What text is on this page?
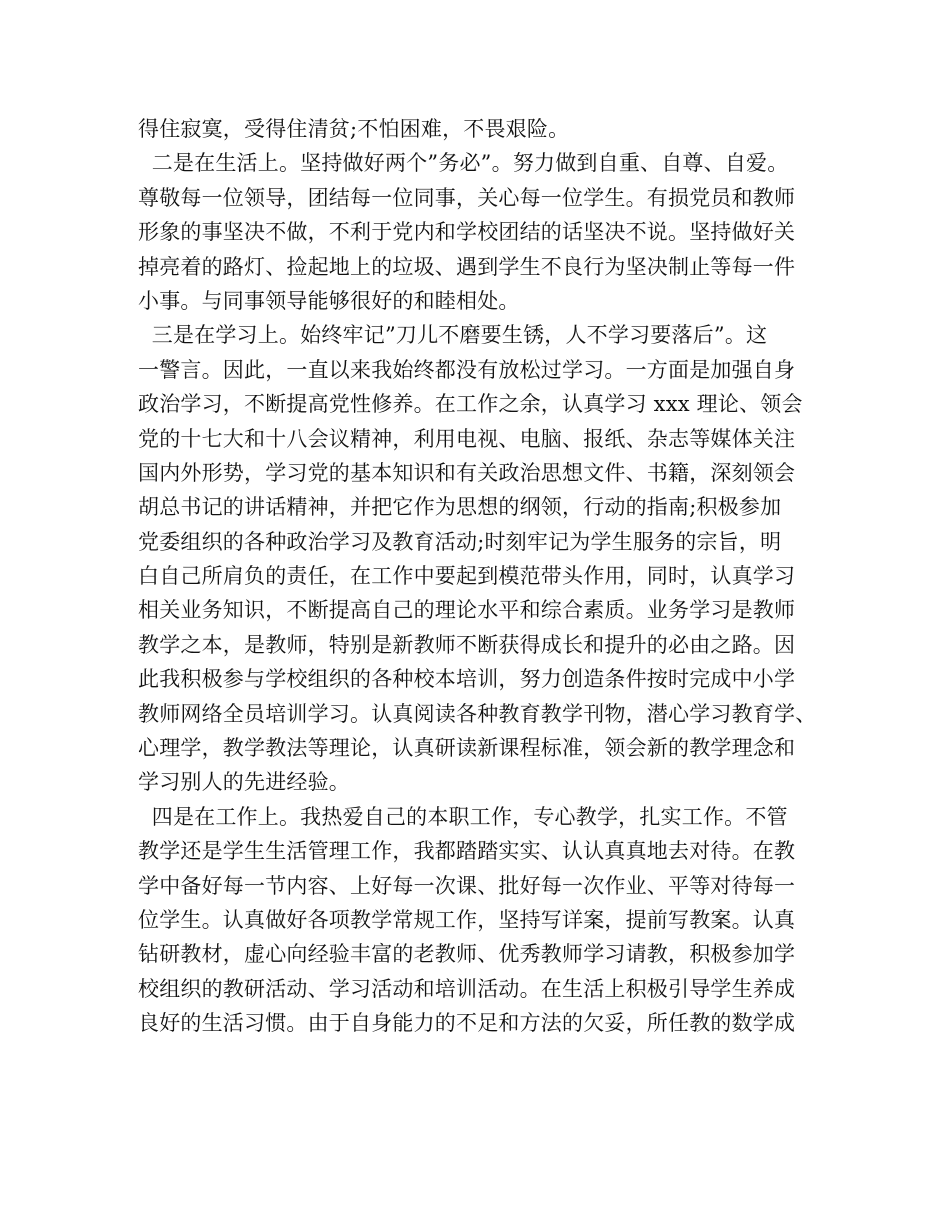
得住寂寞，受得住清贫;不怕困难，不畏艰险。
二是在生活上。坚持做好两个”务必”。努力做到自重、自尊、自爱。
尊敬每一位领导，团结每一位同事，关心每一位学生。有损党员和教师
形象的事坚决不做，不利于党内和学校团结的话坚决不说。坚持做好关
掉亮着的路灯、捡起地上的垃圾、遇到学生不良行为坚决制止等每一件
小事。与同事领导能够很好的和睦相处。
三是在学习上。始终牢记”刀儿不磨要生锈，人不学习要落后”。这
一警言。因此，一直以来我始终都没有放松过学习。一方面是加强自身
政治学习，不断提高党性修养。在工作之余，认真学习 xxx 理论、领会
党的十七大和十八会议精神，利用电视、电脑、报纸、杂志等媒体关注
国内外形势，学习党的基本知识和有关政治思想文件、书籍，深刻领会
胡总书记的讲话精神，并把它作为思想的纲领，行动的指南;积极参加
党委组织的各种政治学习及教育活动;时刻牢记为学生服务的宗旨，明
白自己所肩负的责任，在工作中要起到模范带头作用，同时，认真学习
相关业务知识，不断提高自己的理论水平和综合素质。业务学习是教师
教学之本，是教师，特别是新教师不断获得成长和提升的必由之路。因
此我积极参与学校组织的各种校本培训，努力创造条件按时完成中小学
教师网络全员培训学习。认真阅读各种教育教学刊物，潜心学习教育学、
心理学，教学教法等理论，认真研读新课程标准，领会新的教学理念和
学习别人的先进经验。
四是在工作上。我热爱自己的本职工作，专心教学，扎实工作。不管
教学还是学生生活管理工作，我都踏踏实实、认认真真地去对待。在教
学中备好每一节内容、上好每一次课、批好每一次作业、平等对待每一
位学生。认真做好各项教学常规工作，坚持写详案，提前写教案。认真
钻研教材，虚心向经验丰富的老教师、优秀教师学习请教，积极参加学
校组织的教研活动、学习活动和培训活动。在生活上积极引导学生养成
良好的生活习惯。由于自身能力的不足和方法的欠妥，所任教的数学成
